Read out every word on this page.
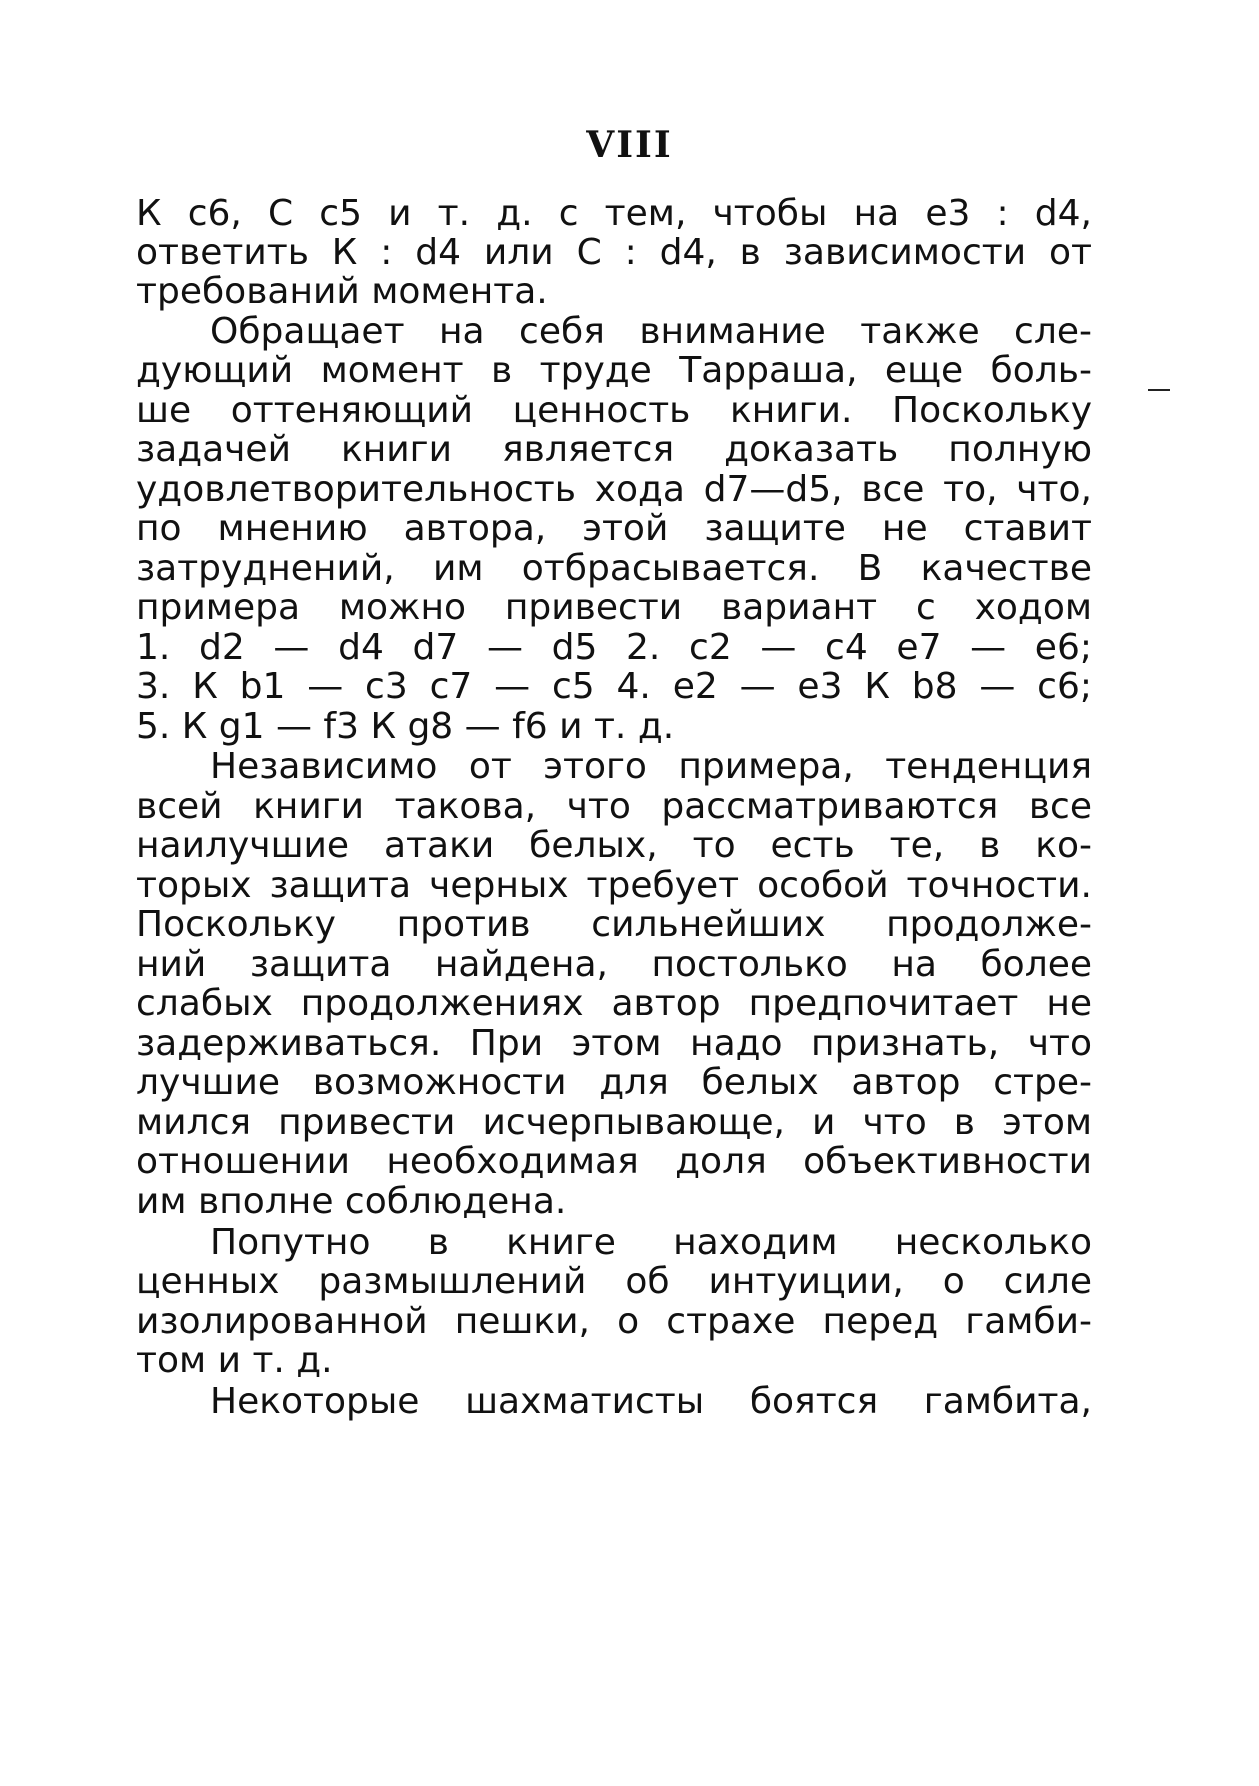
VIII
К с6, С с5 и т. д. с тем, чтобы на е3 : d4,
ответить К : d4 или С : d4, в зависимости от
требований момента.
Обращает на себя внимание также сле-
дующий момент в труде Тарраша, еще боль-
ше оттеняющий ценность книги. Поскольку
задачей книги является доказать полную
удовлетворительность хода d7—d5, все то, что,
по мнению автора, этой защите не ставит
затруднений, им отбрасывается. В качестве
примера можно привести вариант с ходом
1. d2 — d4 d7 — d5 2. с2 — с4 е7 — е6;
3. К b1 — с3 с7 — с5 4. е2 — е3 К b8 — с6;
5. К g1 — f3 К g8 — f6 и т. д.
Независимо от этого примера, тенденция
всей книги такова, что рассматриваются все
наилучшие атаки белых, то есть те, в ко-
торых защита черных требует особой точности.
Поскольку против сильнейших продолже-
ний защита найдена, постолько на более
слабых продолжениях автор предпочитает не
задерживаться. При этом надо признать, что
лучшие возможности для белых автор стре-
мился привести исчерпывающе, и что в этом
отношении необходимая доля объективности
им вполне соблюдена.
Попутно в книге находим несколько
ценных размышлений об интуиции, о силе
изолированной пешки, о страхе перед гамби-
том и т. д.
Некоторые шахматисты боятся гамбита,
